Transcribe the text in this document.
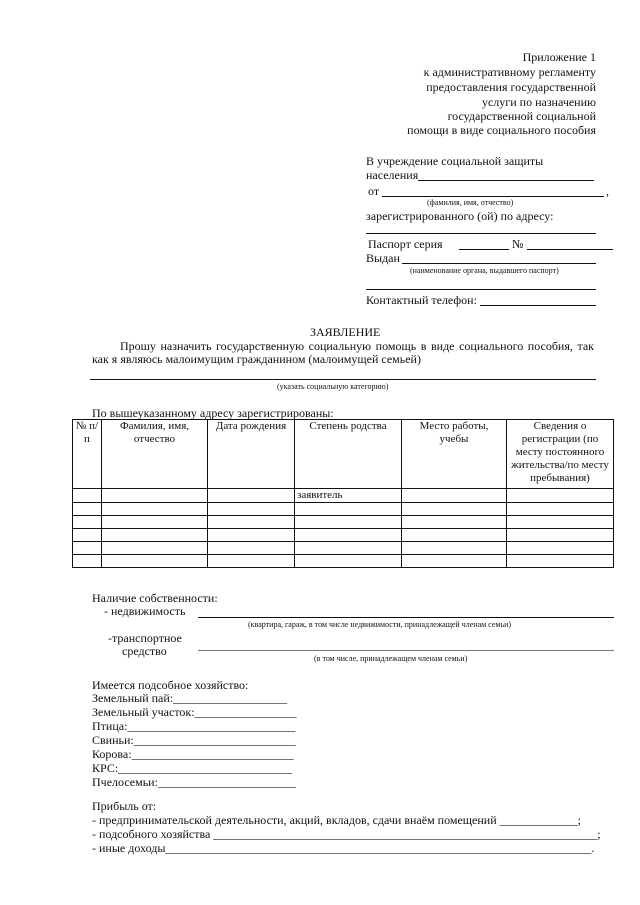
Приложение 1
к административному регламенту
предоставления государственной
услуги по назначению
государственной социальной
помощи в виде социального пособия
В учреждение социальной защиты
населения
от	,
(фамилия, имя, отчество)
зарегистрированного (ой) по адресу:
Паспорт серия	№
Выдан
(наименование органа, выдавшего паспорт)
Контактный телефон:
ЗАЯВЛЕНИЕ
Прошу назначить государственную социальную помощь в виде социального пособия, так
как я являюсь малоимущим гражданином (малоимущей семьей)
(указать социальную категорию)
По вышеуказанному адресу зарегистрированы:
№ п/п	Фамилия, имя, отчество	Дата рождения	Степень родства	Место работы, учебы	Сведения о регистрации (по месту постоянного жительства/по месту пребывания)
			заявитель		

Наличие собственности:
- недвижимость
(квартира, гараж, в том числе недвижимости, принадлежащей членам семьи)
-транспортное
средство
(в том числе, принадлежащем членам семьи)
Имеется подсобное хозяйство:
Земельный пай:___________________
Земельный участок:_________________
Птица:____________________________
Свиньи:___________________________
Корова:___________________________
КРС:_____________________________
Пчелосемьи:_______________________
Прибыль от:
- предпринимательской деятельности, акций, вкладов, сдачи внаём помещений _____________;
- подсобного хозяйства ________________________________________________________________;
- иные доходы_______________________________________________________________________.
